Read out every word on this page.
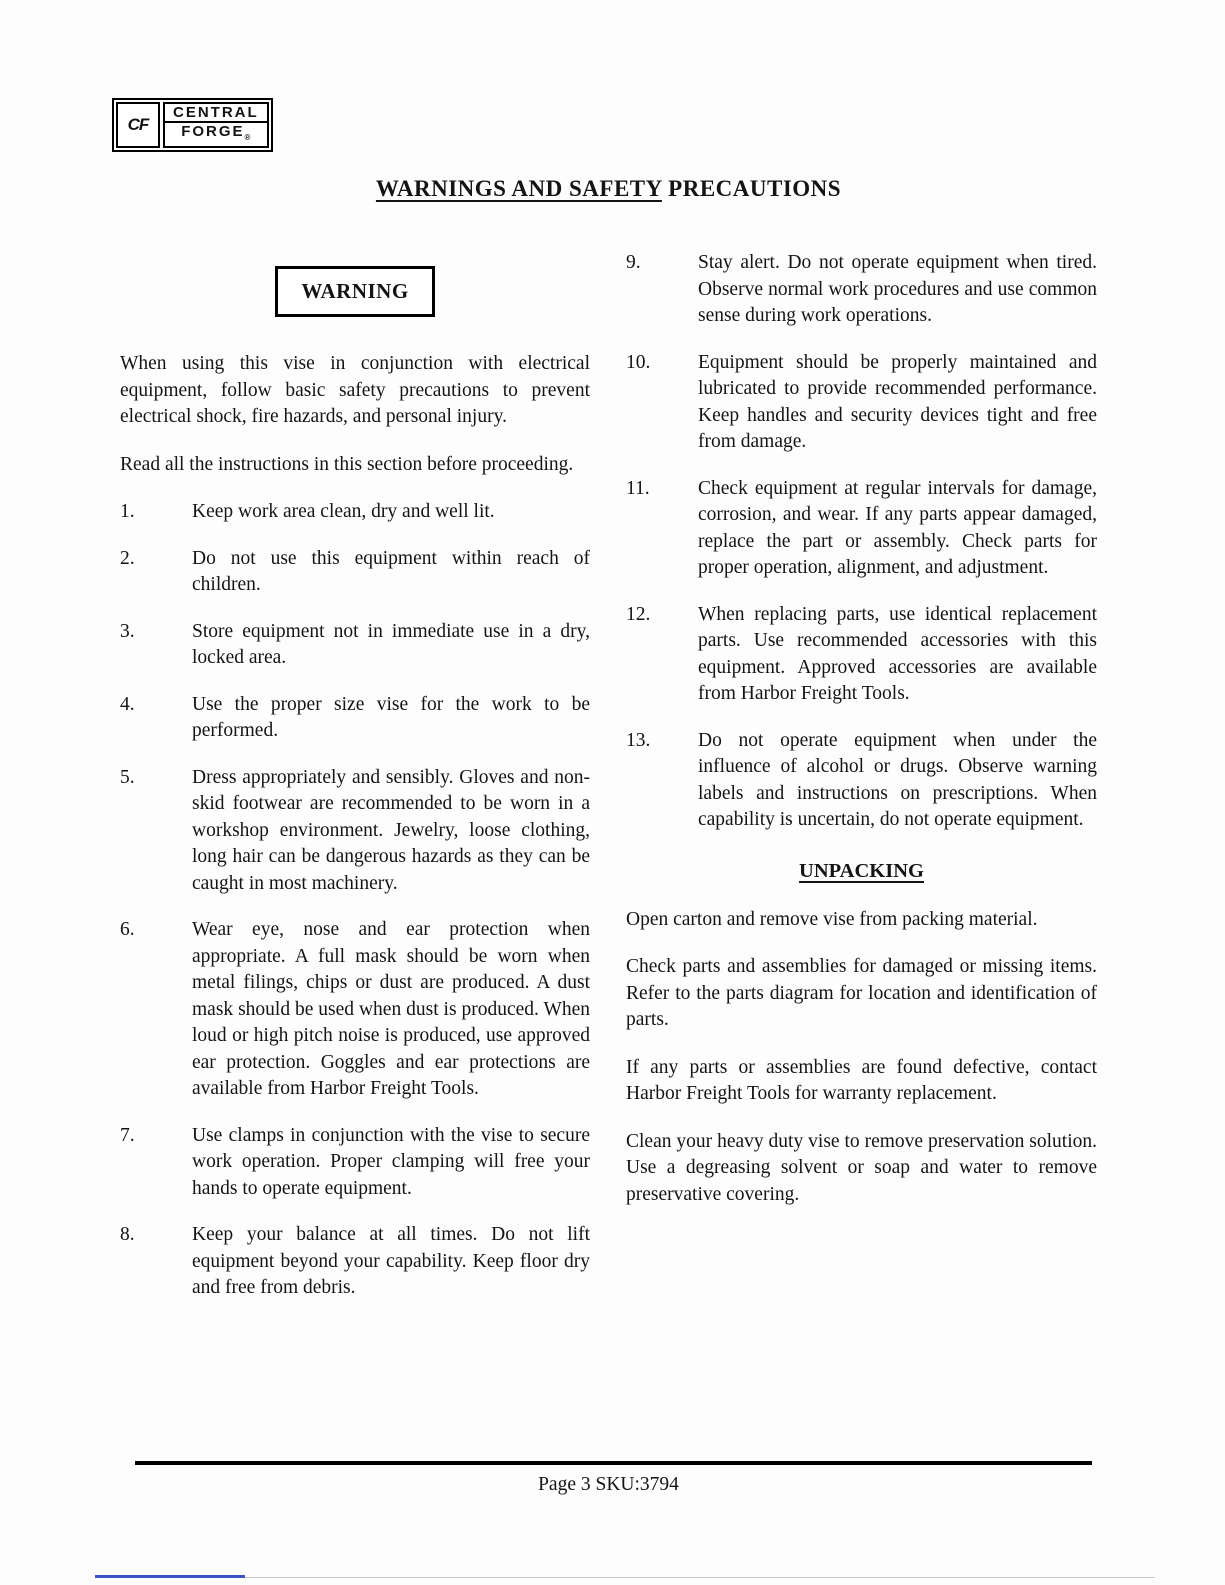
CF
CENTRAL
$FORGE_®$
WARNINGS AND SAFETY PRECAUTIONS
WARNING

When using this vise in conjunction with electrical equipment, follow basic safety precautions to prevent electrical shock, fire hazards, and personal injury.

Read all the instructions in this section before proceeding.

1.	Keep work area clean, dry and well lit.
2.	Do not use this equipment within reach of children.
3.	Store equipment not in immediate use in a dry, locked area.
4.	Use the proper size vise for the work to be performed.
5.	Dress appropriately and sensibly. Gloves and non-skid footwear are recommended to be worn in a workshop environment. Jewelry, loose clothing, long hair can be dangerous hazards as they can be caught in most machinery.
6.	Wear eye, nose and ear protection when appropriate. A full mask should be worn when metal filings, chips or dust are produced. A dust mask should be used when dust is produced. When loud or high pitch noise is produced, use approved ear protection. Goggles and ear protections are available from Harbor Freight Tools.
7.	Use clamps in conjunction with the vise to secure work operation. Proper clamping will free your hands to operate equipment.
8.	Keep your balance at all times. Do not lift equipment beyond your capability. Keep floor dry and free from debris.
9.	Stay alert. Do not operate equipment when tired. Observe normal work procedures and use common sense during work operations.
10.	Equipment should be properly maintained and lubricated to provide recommended performance. Keep handles and security devices tight and free from damage.
11.	Check equipment at regular intervals for damage, corrosion, and wear. If any parts appear damaged, replace the part or assembly. Check parts for proper operation, alignment, and adjustment.
12.	When replacing parts, use identical replacement parts. Use recommended accessories with this equipment. Approved accessories are available from Harbor Freight Tools.
13.	Do not operate equipment when under the influence of alcohol or drugs. Observe warning labels and instructions on prescriptions. When capability is uncertain, do not operate equipment.
UNPACKING

Open carton and remove vise from packing material.

Check parts and assemblies for damaged or missing items. Refer to the parts diagram for location and identification of parts.

If any parts or assemblies are found defective, contact Harbor Freight Tools for warranty replacement.

Clean your heavy duty vise to remove preservation solution. Use a degreasing solvent or soap and water to remove preservative covering.

Page 3 SKU:3794
